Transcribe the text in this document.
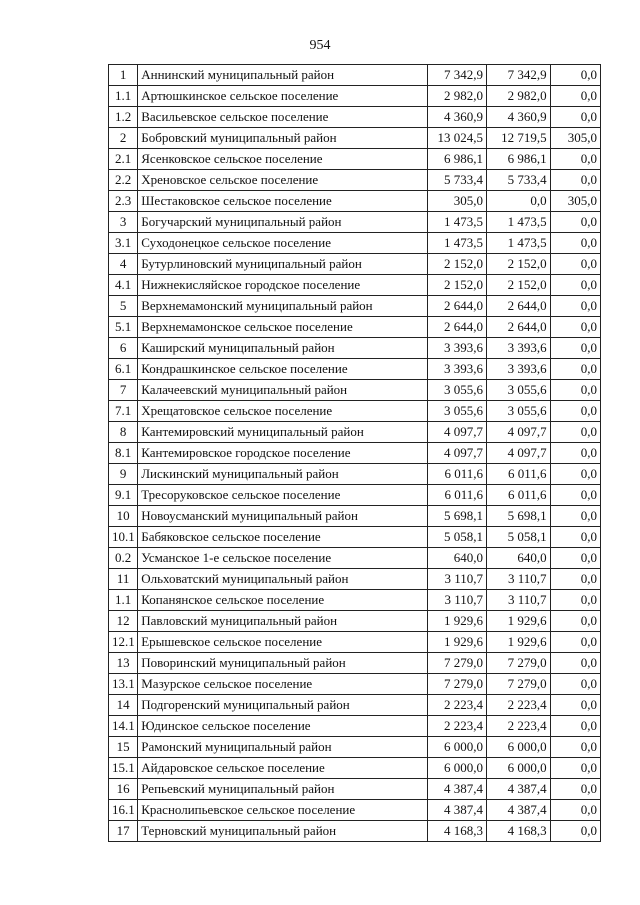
954
1	Аннинский муниципальный район	7 342,9	7 342,9	0,0
1.1	Артюшкинское сельское поселение	2 982,0	2 982,0	0,0
1.2	Васильевское сельское поселение	4 360,9	4 360,9	0,0
2	Бобровский муниципальный район	13 024,5	12 719,5	305,0
2.1	Ясенковское сельское поселение	6 986,1	6 986,1	0,0
2.2	Хреновское сельское поселение	5 733,4	5 733,4	0,0
2.3	Шестаковское сельское поселение	305,0	0,0	305,0
3	Богучарский муниципальный район	1 473,5	1 473,5	0,0
3.1	Суходонецкое сельское поселение	1 473,5	1 473,5	0,0
4	Бутурлиновский муниципальный район	2 152,0	2 152,0	0,0
4.1	Нижнекисляйское городское поселение	2 152,0	2 152,0	0,0
5	Верхнемамонский муниципальный район	2 644,0	2 644,0	0,0
5.1	Верхнемамонское сельское поселение	2 644,0	2 644,0	0,0
6	Каширский муниципальный район	3 393,6	3 393,6	0,0
6.1	Кондрашкинское сельское поселение	3 393,6	3 393,6	0,0
7	Калачеевский муниципальный район	3 055,6	3 055,6	0,0
7.1	Хрещатовское сельское поселение	3 055,6	3 055,6	0,0
8	Кантемировский муниципальный район	4 097,7	4 097,7	0,0
8.1	Кантемировское городское поселение	4 097,7	4 097,7	0,0
9	Лискинский муниципальный район	6 011,6	6 011,6	0,0
9.1	Тресоруковское сельское поселение	6 011,6	6 011,6	0,0
10	Новоусманский муниципальный район	5 698,1	5 698,1	0,0
10.1	Бабяковское сельское поселение	5 058,1	5 058,1	0,0
0.2	Усманское 1-е сельское поселение	640,0	640,0	0,0
11	Ольховатский муниципальный район	3 110,7	3 110,7	0,0
1.1	Копанянское сельское поселение	3 110,7	3 110,7	0,0
12	Павловский муниципальный район	1 929,6	1 929,6	0,0
12.1	Ерышевское сельское поселение	1 929,6	1 929,6	0,0
13	Поворинский муниципальный район	7 279,0	7 279,0	0,0
13.1	Мазурское сельское поселение	7 279,0	7 279,0	0,0
14	Подгоренский муниципальный район	2 223,4	2 223,4	0,0
14.1	Юдинское сельское поселение	2 223,4	2 223,4	0,0
15	Рамонский муниципальный район	6 000,0	6 000,0	0,0
15.1	Айдаровское сельское поселение	6 000,0	6 000,0	0,0
16	Репьевский муниципальный район	4 387,4	4 387,4	0,0
16.1	Краснолипьевское сельское поселение	4 387,4	4 387,4	0,0
17	Терновский муниципальный район	4 168,3	4 168,3	0,0
